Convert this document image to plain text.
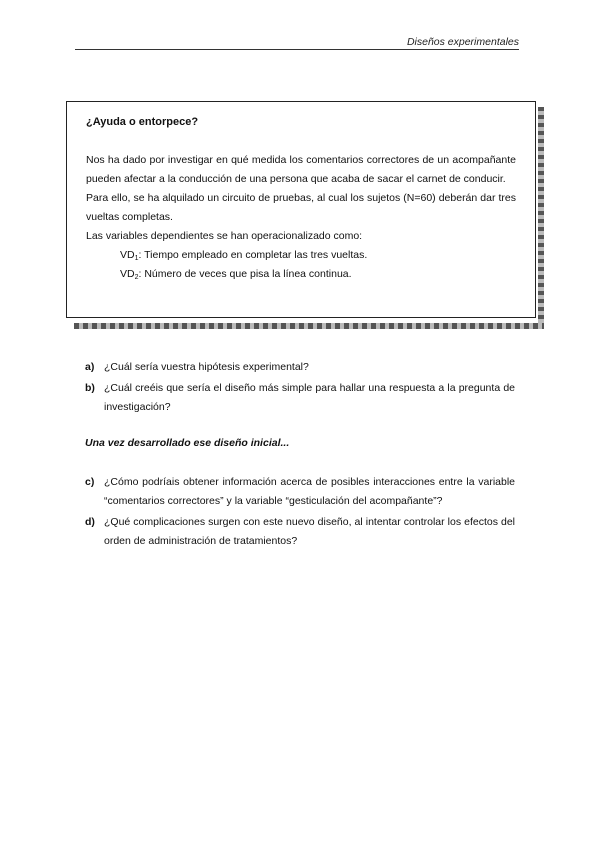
Diseños experimentales
¿Ayuda o entorpece?

Nos ha dado por investigar en qué medida los comentarios correctores de un acompañante pueden afectar a la conducción de una persona que acaba de sacar el carnet de conducir.

Para ello, se ha alquilado un circuito de pruebas, al cual los sujetos (N=60) deberán dar tres vueltas completas.

Las variables dependientes se han operacionalizado como:

$VD_1$: Tiempo empleado en completar las tres vueltas.

$VD_2$: Número de veces que pisa la línea continua.

a) ¿Cuál sería vuestra hipótesis experimental?
b) ¿Cuál creéis que sería el diseño más simple para hallar una respuesta a la pregunta de investigación?
Una vez desarrollado ese diseño inicial...
c) ¿Cómo podríais obtener información acerca de posibles interacciones entre la variable “comentarios correctores” y la variable “gesticulación del acompañante”?
d) ¿Qué complicaciones surgen con este nuevo diseño, al intentar controlar los efectos del orden de administración de tratamientos?
